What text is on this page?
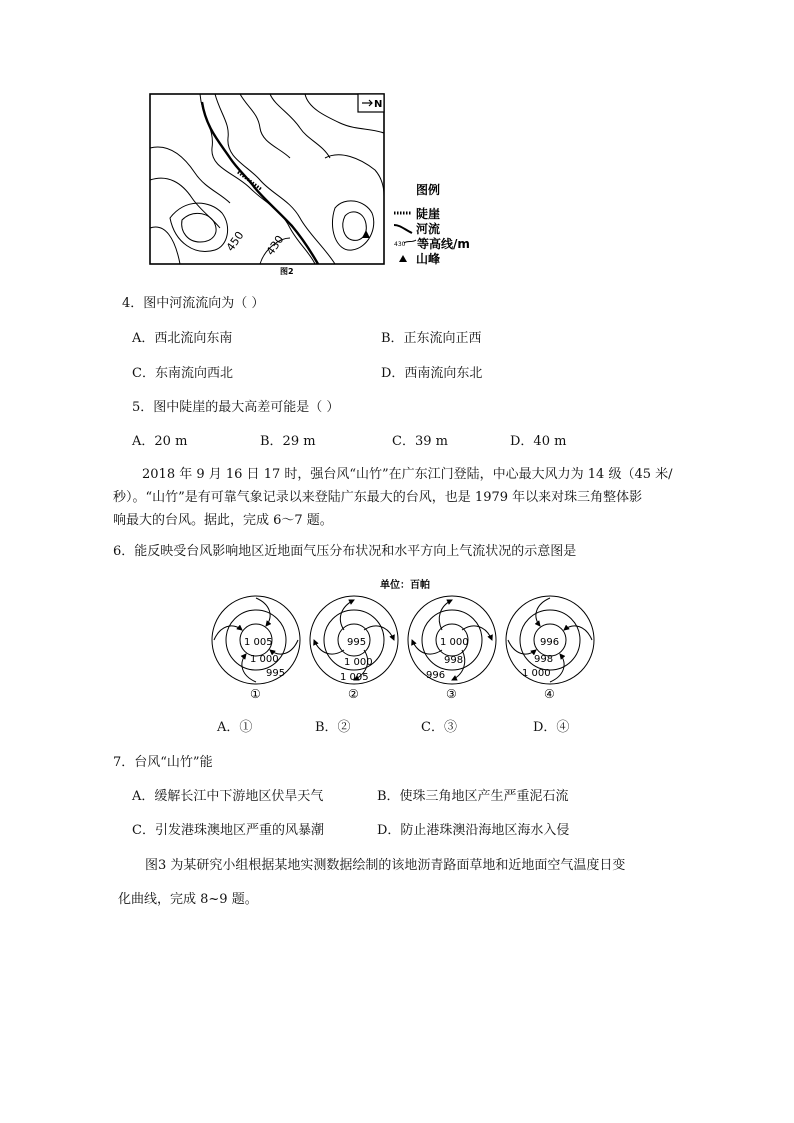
N
450 430
图2
图例
陡崖
河流
430 等高线/m
山峰
4．图中河流流向为（ ）
A．西北流向东南	B．正东流向正西
C．东南流向西北	D．西南流向东北
5．图中陡崖的最大高差可能是（ ）
A．20 m	B．29 m	C．39 m	D．40 m
2018 年 9 月 16 日 17 时，强台风“山竹”在广东江门登陆，中心最大风力为 14 级（45 米/
秒）。“山竹”是有可靠气象记录以来登陆广东最大的台风，也是 1979 年以来对珠三角整体影
响最大的台风。据此，完成 6～7 题。
6．能反映受台风影响地区近地面气压分布状况和水平方向上气流状况的示意图是
单位：百帕
1 005
1 000
995
①
995
1 000
1 005
②
1 000
998
996
③
996
998
1 000
④
A．①	B．②	C．③	D．④
7．台风“山竹”能
A．缓解长江中下游地区伏旱天气	B．使珠三角地区产生严重泥石流
C．引发港珠澳地区严重的风暴潮	D．防止港珠澳沿海地区海水入侵
图3 为某研究小组根据某地实测数据绘制的该地沥青路面草地和近地面空气温度日变
化曲线，完成 8~9 题。
